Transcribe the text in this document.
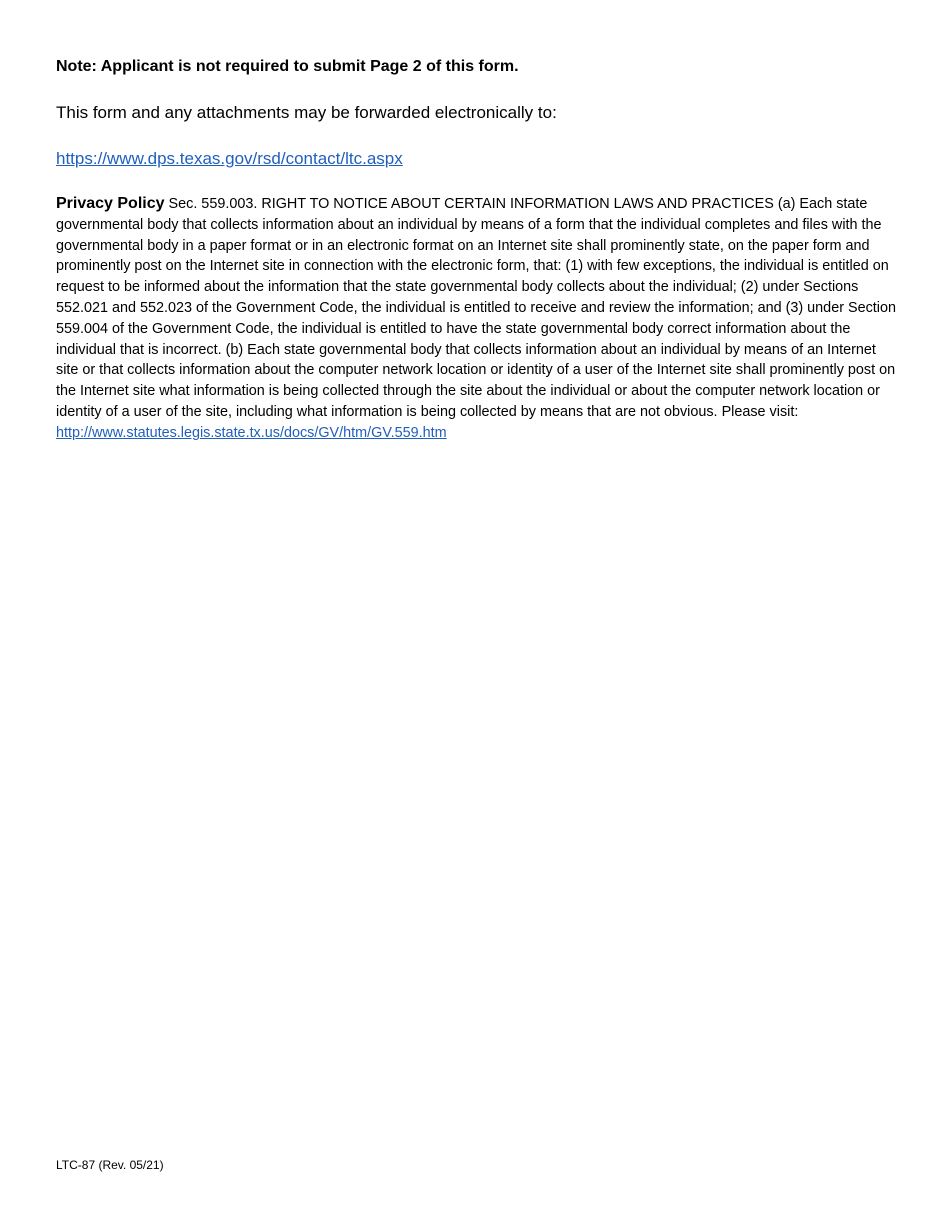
Note: Applicant is not required to submit Page 2 of this form.

This form and any attachments may be forwarded electronically to:

https://www.dps.texas.gov/rsd/contact/ltc.aspx

Privacy Policy Sec. 559.003. RIGHT TO NOTICE ABOUT CERTAIN INFORMATION LAWS AND PRACTICES (a) Each state governmental body that collects information about an individual by means of a form that the individual completes and files with the governmental body in a paper format or in an electronic format on an Internet site shall prominently state, on the paper form and prominently post on the Internet site in connection with the electronic form, that: (1) with few exceptions, the individual is entitled on request to be informed about the information that the state governmental body collects about the individual; (2) under Sections 552.021 and 552.023 of the Government Code, the individual is entitled to receive and review the information; and (3) under Section 559.004 of the Government Code, the individual is entitled to have the state governmental body correct information about the individual that is incorrect. (b) Each state governmental body that collects information about an individual by means of an Internet site or that collects information about the computer network location or identity of a user of the Internet site shall prominently post on the Internet site what information is being collected through the site about the individual or about the computer network location or identity of a user of the site, including what information is being collected by means that are not obvious. Please visit: http://www.statutes.legis.state.tx.us/docs/GV/htm/GV.559.htm

LTC-87 (Rev. 05/21)
